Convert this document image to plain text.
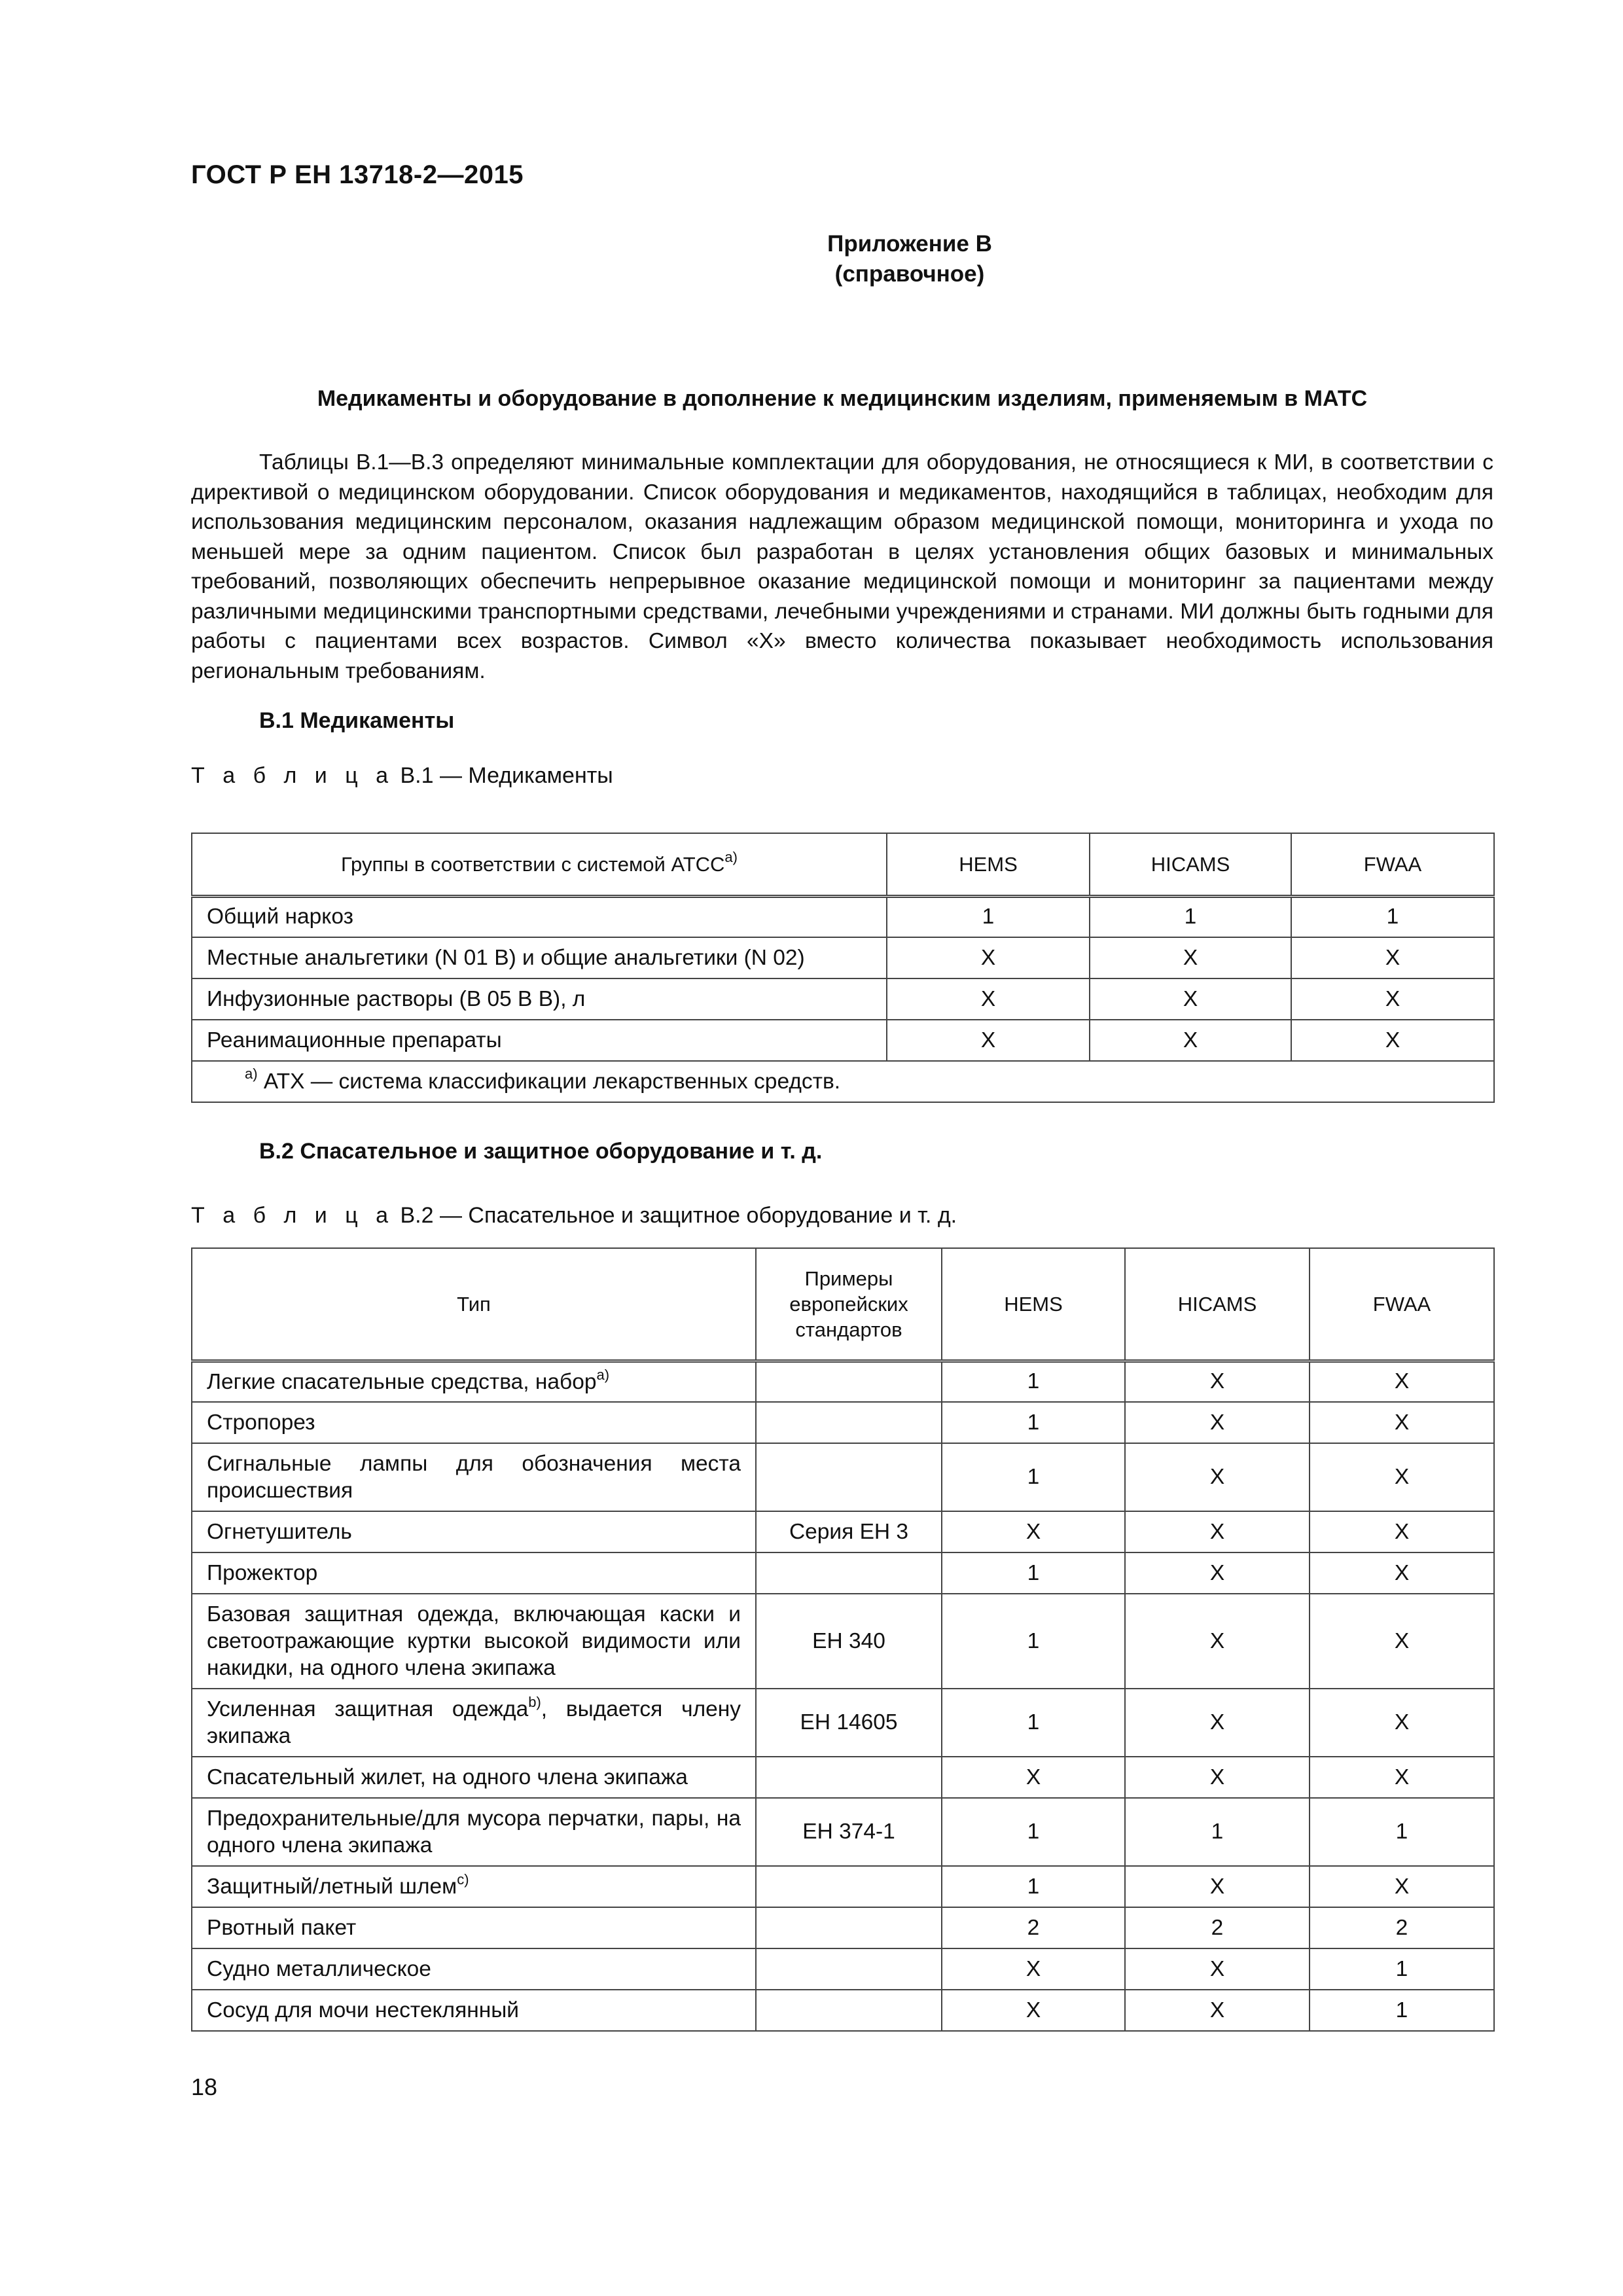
ГОСТ Р ЕН 13718-2—2015
Приложение В
(справочное)
Медикаменты и оборудование в дополнение к медицинским изделиям, применяемым в МАТС

Таблицы В.1—В.3 определяют минимальные комплектации для оборудования, не относящиеся к МИ, в соответствии с директивой о медицинском оборудовании. Список оборудования и медикаментов, находящийся в таблицах, необходим для использования медицинским персоналом, оказания надлежащим образом медицинской помощи, мониторинга и ухода по меньшей мере за одним пациентом. Список был разработан в целях установления общих базовых и минимальных требований, позволяющих обеспечить непрерывное оказание медицинской помощи и мониторинг за пациентами между различными медицинскими транспортными средствами, лечебными учреждениями и странами. МИ должны быть годными для работы с пациентами всех возрастов. Символ «X» вместо количества показывает необходимость использования региональным требованиям.

В.1 Медикаменты
Т а б л и ц а В.1 — Медикаменты
Группы в соответствии с системой АТСС$^{a)}$	HEMS	HICAMS	FWAA
Общий наркоз	1	1	1
Местные анальгетики (N 01 В) и общие анальгетики (N 02)	X	X	X
Инфузионные растворы (В 05 В В), л	X	X	X
Реанимационные препараты	X	X	X
$^{a)}$ АТХ — система классификации лекарственных средств.			
В.2 Спасательное и защитное оборудование и т. д.
Т а б л и ц а В.2 — Спасательное и защитное оборудование и т. д.
Тип	Примеры европейских стандартов	HEMS	HICAMS	FWAA
Легкие спасательные средства, набор$^{a)}$		1	X	X
Стропорез		1	X	X
Сигнальные лампы для обозначения места происшествия		1	X	X
Огнетушитель	Серия ЕН 3	X	X	X
Прожектор		1	X	X
Базовая защитная одежда, включающая каски и светоотражающие куртки высокой видимости или накидки, на одного члена экипажа	ЕН 340	1	X	X
Усиленная защитная одежда$^{b)}$, выдается члену экипажа	ЕН 14605	1	X	X
Спасательный жилет, на одного члена экипажа		X	X	X
Предохранительные/для мусора перчатки, пары, на одного члена экипажа	ЕН 374-1	1	1	1
Защитный/летный шлем$^{c)}$		1	X	X
Рвотный пакет		2	2	2
Судно металлическое		X	X	1
Сосуд для мочи нестеклянный		X	X	1
18
